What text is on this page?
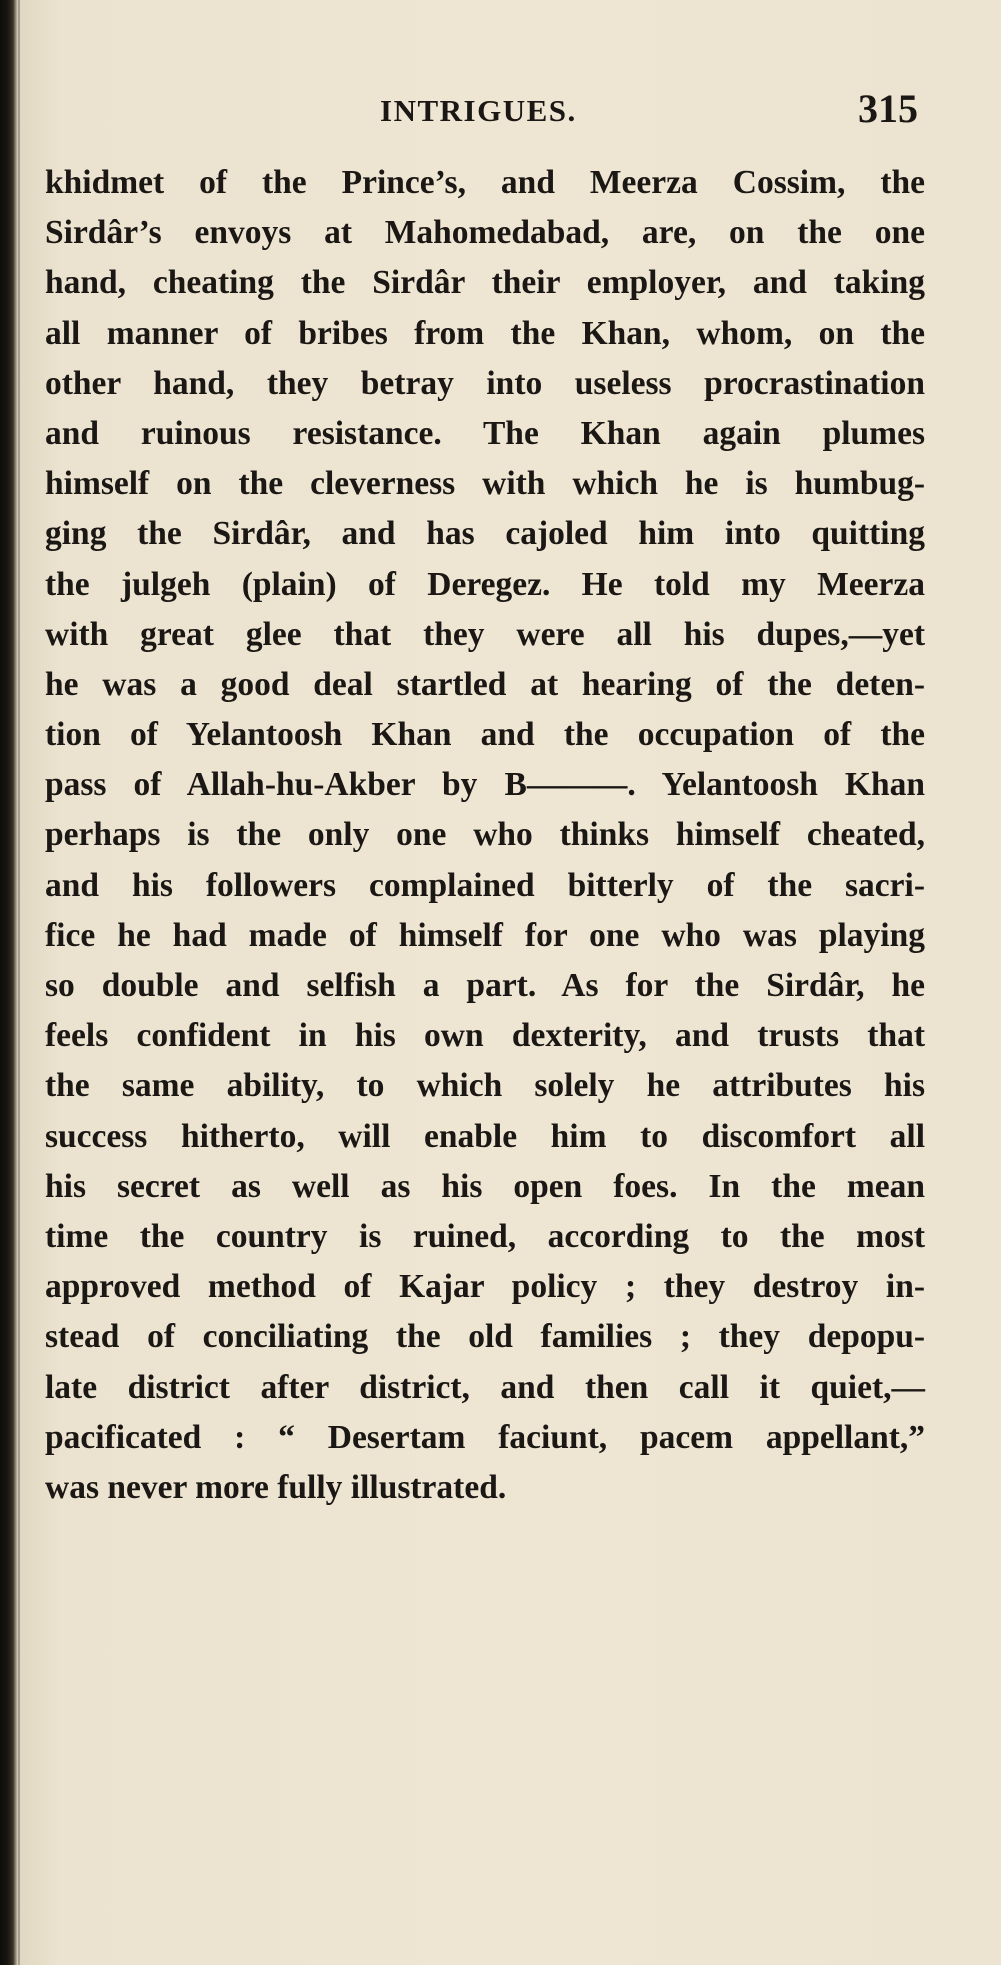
INTRIGUES.	315
khidmet of the Prince’s, and Meerza Cossim, the
Sirdâr’s envoys at Mahomedabad, are, on the one
hand, cheating the Sirdâr their employer, and taking
all manner of bribes from the Khan, whom, on the
other hand, they betray into useless procrastination
and ruinous resistance. The Khan again plumes
himself on the cleverness with which he is humbug-
ging the Sirdâr, and has cajoled him into quitting
the julgeh (plain) of Deregez. He told my Meerza
with great glee that they were all his dupes,—yet
he was a good deal startled at hearing of the deten-
tion of Yelantoosh Khan and the occupation of the
pass of Allah-hu-Akber by B———. Yelantoosh Khan
perhaps is the only one who thinks himself cheated,
and his followers complained bitterly of the sacri-
fice he had made of himself for one who was playing
so double and selfish a part. As for the Sirdâr, he
feels confident in his own dexterity, and trusts that
the same ability, to which solely he attributes his
success hitherto, will enable him to discomfort all
his secret as well as his open foes. In the mean
time the country is ruined, according to the most
approved method of Kajar policy ; they destroy in-
stead of conciliating the old families ; they depopu-
late district after district, and then call it quiet,—
pacificated : “ Desertam faciunt, pacem appellant,”
was never more fully illustrated.
